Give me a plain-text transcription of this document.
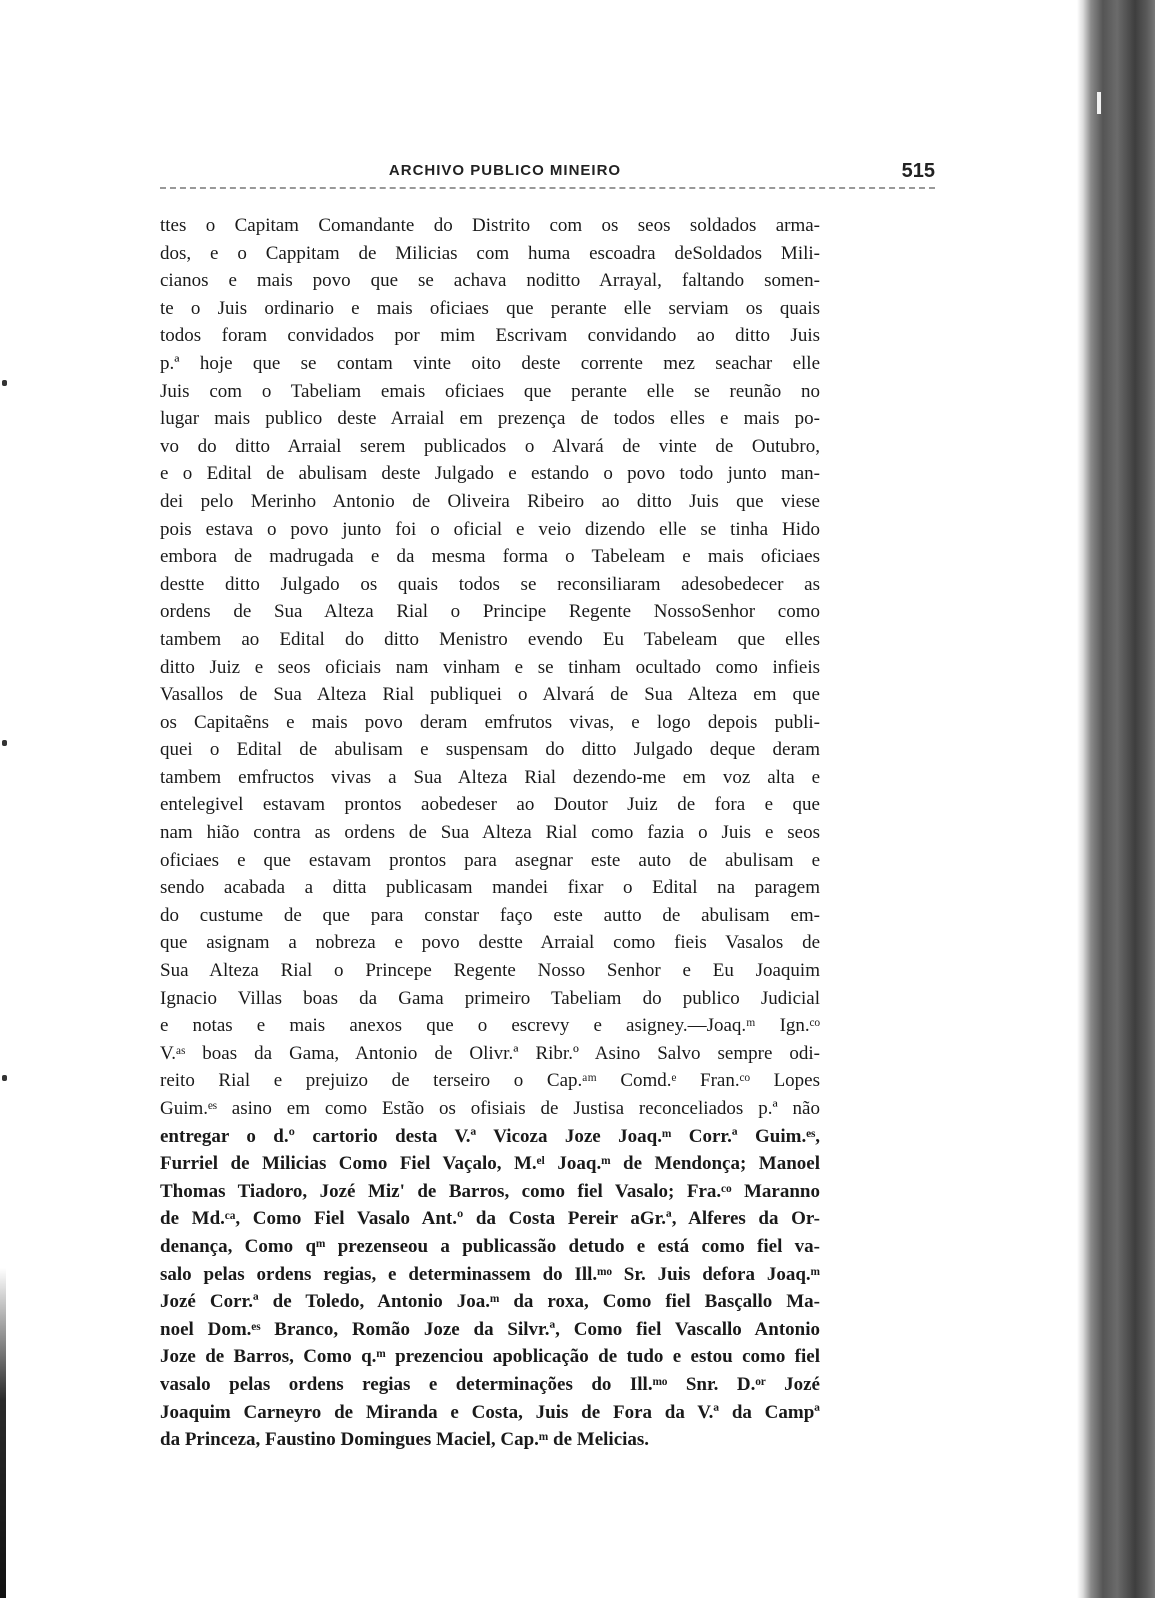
ARCHIVO PUBLICO MINEIRO	515
ttes o Capitam Comandante do Distrito com os seos soldados arma-
dos, e o Cappitam de Milicias com huma escoadra deSoldados Mili-
cianos e mais povo que se achava noditto Arrayal, faltando somen-
te o Juis ordinario e mais oficiaes que perante elle serviam os quais
todos foram convidados por mim Escrivam convidando ao ditto Juis
p.ª hoje que se contam vinte oito deste corrente mez seachar elle
Juis com o Tabeliam emais oficiaes que perante elle se reunão no
lugar mais publico deste Arraial em prezença de todos elles e mais po-
vo do ditto Arraial serem publicados o Alvará de vinte de Outubro,
e o Edital de abulisam deste Julgado e estando o povo todo junto man-
dei pelo Merinho Antonio de Oliveira Ribeiro ao ditto Juis que viese
pois estava o povo junto foi o oficial e veio dizendo elle se tinha Hido
embora de madrugada e da mesma forma o Tabeleam e mais oficiaes
destte ditto Julgado os quais todos se reconsiliaram adesobedecer as
ordens de Sua Alteza Rial o Principe Regente NossoSenhor como
tambem ao Edital do ditto Menistro evendo Eu Tabeleam que elles
ditto Juiz e seos oficiais nam vinham e se tinham ocultado como infieis
Vasallos de Sua Alteza Rial publiquei o Alvará de Sua Alteza em que
os Capitaẽns e mais povo deram emfrutos vivas, e logo depois publi-
quei o Edital de abulisam e suspensam do ditto Julgado deque deram
tambem emfructos vivas a Sua Alteza Rial dezendo-me em voz alta e
entelegivel estavam prontos aobedeser ao Doutor Juiz de fora e que
nam hião contra as ordens de Sua Alteza Rial como fazia o Juis e seos
oficiaes e que estavam prontos para asegnar este auto de abulisam e
sendo acabada a ditta publicasam mandei fixar o Edital na paragem
do custume de que para constar faço este autto de abulisam em-
que asignam a nobreza e povo destte Arraial como fieis Vasalos de
Sua Alteza Rial o Princepe Regente Nosso Senhor e Eu Joaquim
Ignacio Villas boas da Gama primeiro Tabeliam do publico Judicial
e notas e mais anexos que o escrevy e asigney.—Joaq.ᵐ Ign.ᶜᵒ
V.ᵃˢ boas da Gama, Antonio de Olivr.ª Ribr.º Asino Salvo sempre odi-
reito Rial e prejuizo de terseiro o Cap.ᵃᵐ Comd.ᵉ Fran.ᶜᵒ Lopes
Guim.ᵉˢ asino em como Estão os ofisiais de Justisa reconceliados p.ª não
entregar o d.º cartorio desta V.ª Vicoza Joze Joaq.ᵐ Corr.ª Guim.ᵉˢ,
Furriel de Milicias Como Fiel Vaçalo, M.ᵉˡ Joaq.ᵐ de Mendonça; Manoel
Thomas Tiadoro, Jozé Miz' de Barros, como fiel Vasalo; Fra.ᶜᵒ Maranno
de Md.ᶜᵃ, Como Fiel Vasalo Ant.º da Costa Pereir aGr.ª, Alferes da Or-
denança, Como qᵐ prezenseou a publicassão detudo e está como fiel va-
salo pelas ordens regias, e determinassem do Ill.ᵐᵒ Sr. Juis defora Joaq.ᵐ
Jozé Corr.ª de Toledo, Antonio Joa.ᵐ da roxa, Como fiel Basçallo Ma-
noel Dom.ᵉˢ Branco, Romão Joze da Silvr.ª, Como fiel Vascallo Antonio
Joze de Barros, Como q.ᵐ prezenciou apoblicação de tudo e estou como fiel
vasalo pelas ordens regias e determinações do Ill.ᵐᵒ Snr. D.ᵒʳ Jozé
Joaquim Carneyro de Miranda e Costa, Juis de Fora da V.ª da Campª
da Princeza, Faustino Domingues Maciel, Cap.ᵐ de Melicias.
